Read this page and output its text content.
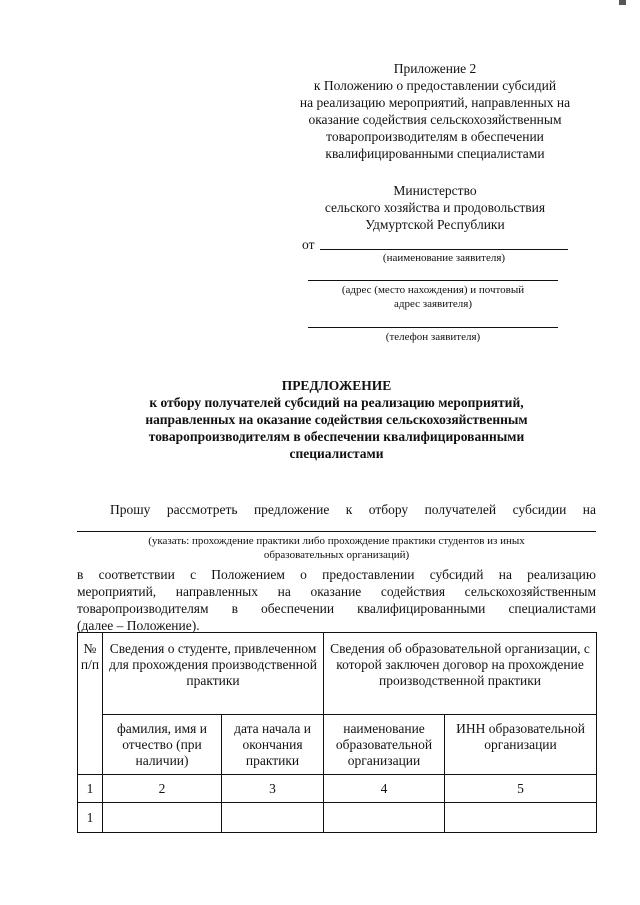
Приложение 2
к Положению о предоставлении субсидий
на реализацию мероприятий, направленных на
оказание содействия сельскохозяйственным
товаропроизводителям в обеспечении
квалифицированными специалистами
Министерство
сельского хозяйства и продовольствия
Удмуртской Республики
от
(наименование заявителя)
(адрес (место нахождения) и почтовый
адрес заявителя)
(телефон заявителя)
ПРЕДЛОЖЕНИЕ
к отбору получателей субсидий на реализацию мероприятий,
направленных на оказание содействия сельскохозяйственным
товаропроизводителям в обеспечении квалифицированными
специалистами
Прошу рассмотреть предложение к отбору получателей субсидии на
(указать: прохождение практики либо прохождение практики студентов из иных
образовательных организаций)
в соответствии с Положением о предоставлении субсидий на реализацию
мероприятий, направленных на оказание содействия сельскохозяйственным
товаропроизводителям в обеспечении квалифицированными специалистами
(далее – Положение).
№ п/п	Сведения о студенте, привлеченном для прохождения производственной практики		Сведения об образовательной организации, с которой заключен договор на прохождение производственной практики	
	фамилия, имя и отчество (при наличии)	дата начала и окончания практики	наименование образовательной организации	ИНН образовательной организации
1	2	3	4	5
1				
